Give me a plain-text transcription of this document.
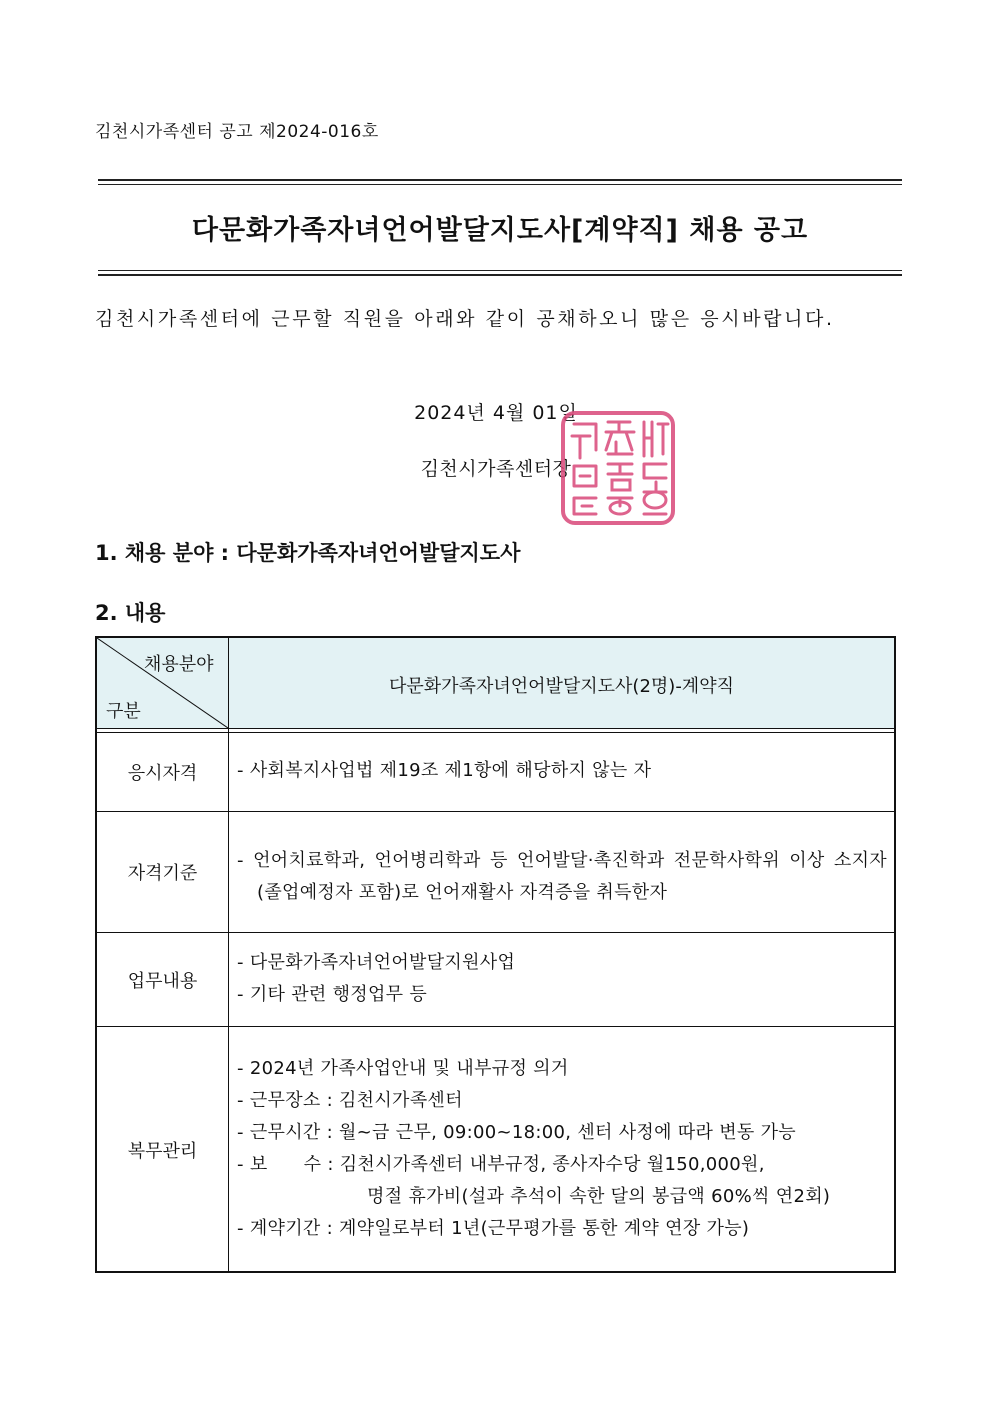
김천시가족센터 공고 제2024-016호
다문화가족자녀언어발달지도사[계약직] 채용 공고
김천시가족센터에 근무할 직원을 아래와 같이 공채하오니 많은 응시바랍니다.
2024년 4월 01일
김천시가족센터장
1. 채용 분야 : 다문화가족자녀언어발달지도사
2. 내용
채용분야
구분
다문화가족자녀언어발달지도사(2명)-계약직
응시자격	- 사회복지사업법 제19조 제1항에 해당하지 않는 자
자격기준
- 언어치료학과, 언어병리학과 등 언어발달·촉진학과 전문학사학위 이상 소지자(졸업예정자 포함)로 언어재활사 자격증을 취득한자
업무내용
- 다문화가족자녀언어발달지원사업
- 기타 관련 행정업무 등
복무관리
- 2024년 가족사업안내 및 내부규정 의거
- 근무장소 : 김천시가족센터
- 근무시간 : 월~금 근무, 09:00~18:00, 센터 사정에 따라 변동 가능
- 보      수 : 김천시가족센터 내부규정, 종사자수당 월150,000원,
명절 휴가비(설과 추석이 속한 달의 봉급액 60%씩 연2회)
- 계약기간 : 계약일로부터 1년(근무평가를 통한 계약 연장 가능)
